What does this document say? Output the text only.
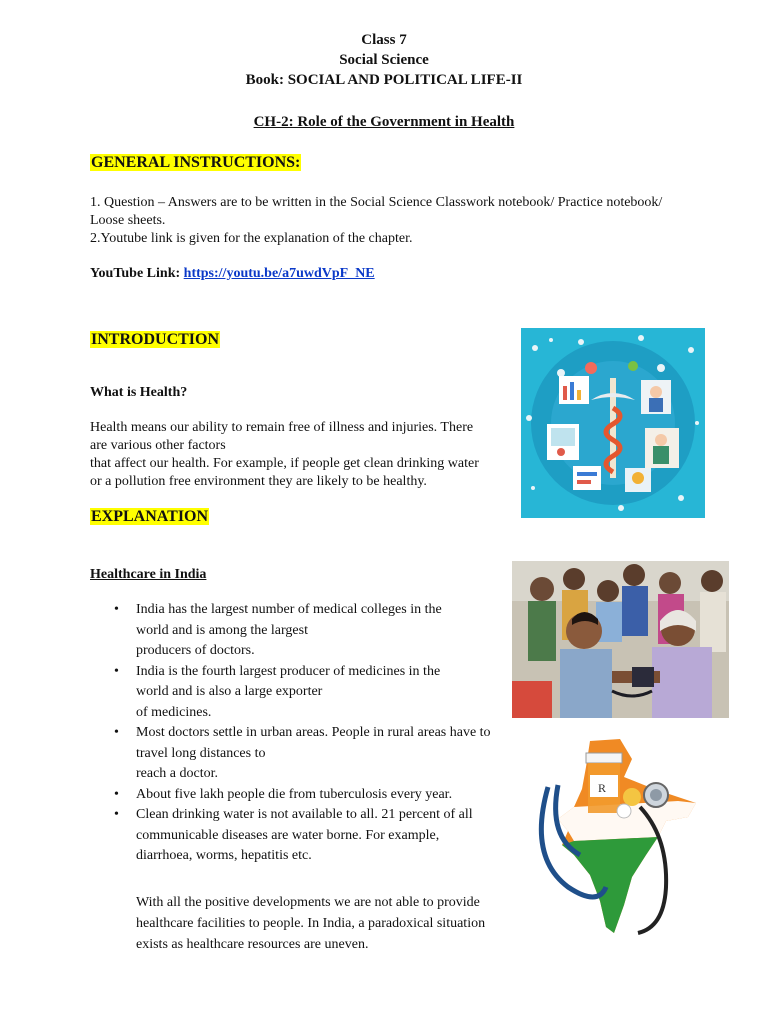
Class 7
Social Science
Book: SOCIAL AND POLITICAL LIFE-II
CH-2: Role of the Government in Health
GENERAL INSTRUCTIONS:
1. Question – Answers are to be written in the Social Science Classwork notebook/ Practice notebook/
Loose sheets.
2.Youtube link is given for the explanation of the chapter.
YouTube Link: https://youtu.be/a7uwdVpF_NE
INTRODUCTION
What is Health?
Health means our ability to remain free of illness and injuries. There
are various other factors
that affect our health. For example, if people get clean drinking water
or a pollution free environment they are likely to be healthy.
EXPLANATION
Healthcare in India
• India has the largest number of medical colleges in the
world and is among the largest
producers of doctors.
• India is the fourth largest producer of medicines in the
world and is also a large exporter
of medicines.
• Most doctors settle in urban areas. People in rural areas have to
travel long distances to
reach a doctor.
• About five lakh people die from tuberculosis every year.
• Clean drinking water is not available to all. 21 percent of all
communicable diseases are water borne. For example,
diarrhoea, worms, hepatitis etc.
With all the positive developments we are not able to provide
healthcare facilities to people. In India, a paradoxical situation
exists as healthcare resources are uneven.
R
